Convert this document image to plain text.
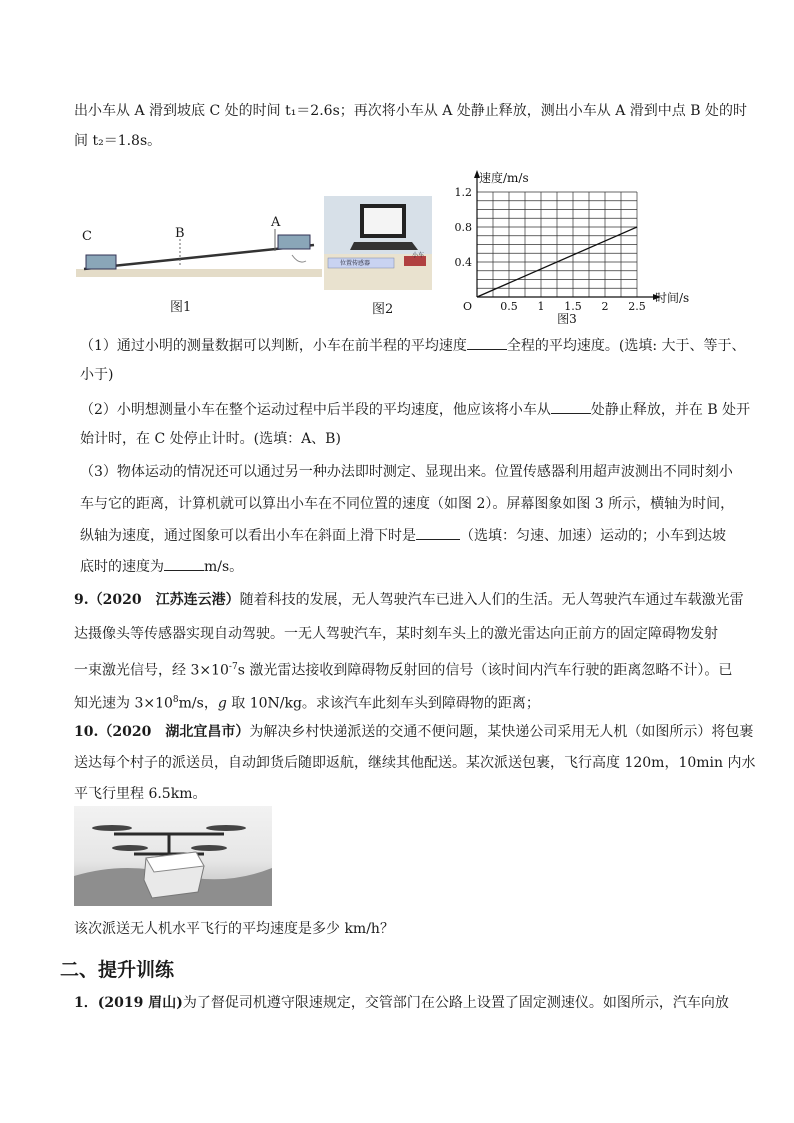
出小车从 A 滑到坡底 C 处的时间 t₁＝2.6s；再次将小车从 A 处静止释放，测出小车从 A 滑到中点 B 处的时
间 t₂＝1.8s。
C	B
A
图1
位置传感器
小车
图2	0.5 1 1.5 2 2.5
0.4
0.8
1.2
O
速度/m/s
时间/s
图3
（1）通过小明的测量数据可以判断，小车在前半程的平均速度	全程的平均速度。(选填: 大于、等于、
小于)
（2）小明想测量小车在整个运动过程中后半段的平均速度，他应该将小车从	处静止释放，并在 B 处开
始计时，在 C 处停止计时。(选填：A、B)
（3）物体运动的情况还可以通过另一种办法即时测定、显现出来。位置传感器利用超声波测出不同时刻小
车与它的距离，计算机就可以算出小车在不同位置的速度（如图 2）。屏幕图象如图 3 所示，横轴为时间，
纵轴为速度，通过图象可以看出小车在斜面上滑下时是	（选填：匀速、加速）运动的；小车到达坡
底时的速度为	m/s。
9.（2020　江苏连云港）随着科技的发展，无人驾驶汽车已进入人们的生活。无人驾驶汽车通过车载激光雷
达摄像头等传感器实现自动驾驶。一无人驾驶汽车，某时刻车头上的激光雷达向正前方的固定障碍物发射
一束激光信号，经 $3\times 10^{-7}s$ 激光雷达接收到障碍物反射回的信号（该时间内汽车行驶的距离忽略不计）。已
知光速为 $3\times 10^8m/s$，g 取 10N/kg。求该汽车此刻车头到障碍物的距离；
10.（2020　湖北宜昌市）为解决乡村快递派送的交通不便问题，某快递公司采用无人机（如图所示）将包裹
送达每个村子的派送员，自动卸货后随即返航，继续其他配送。某次派送包裹，飞行高度 120m，10min 内水
平飞行里程 6.5km。
该次派送无人机水平飞行的平均速度是多少 km/h？
二、提升训练
1．(2019 眉山)为了督促司机遵守限速规定，交管部门在公路上设置了固定测速仪。如图所示，汽车向放
